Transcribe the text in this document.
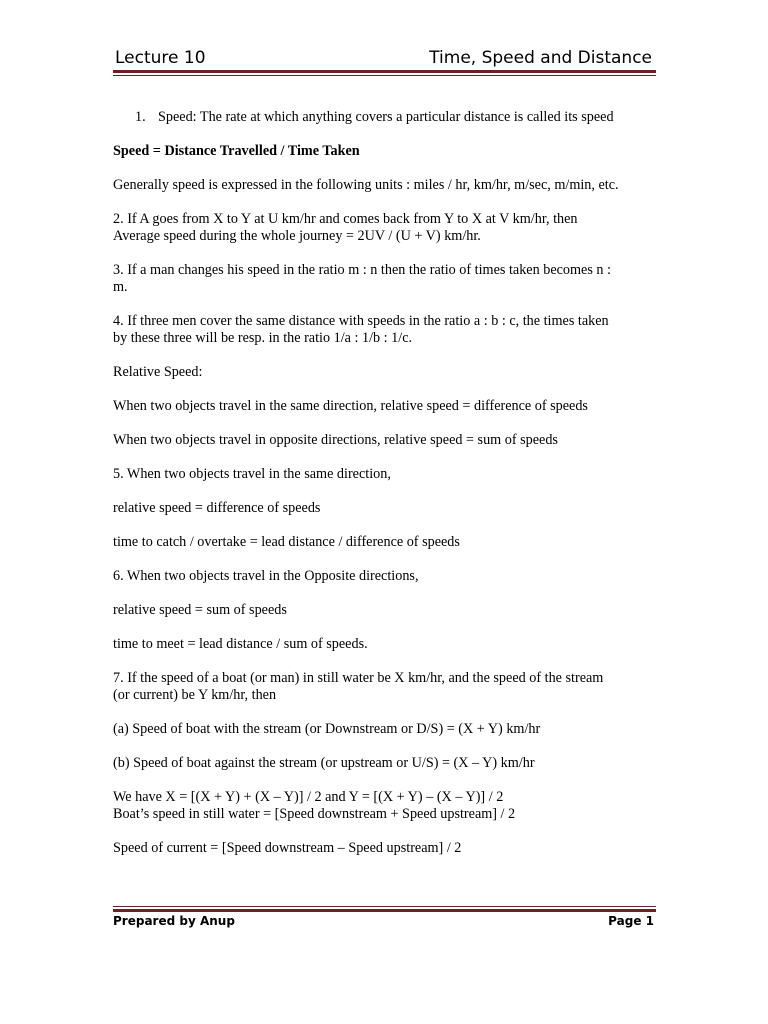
Lecture 10	Time, Speed and Distance

1. Speed: The rate at which anything covers a particular distance is called its speed

Speed = Distance Travelled / Time Taken

Generally speed is expressed in the following units : miles / hr, km/hr, m/sec, m/min, etc.

2. If A goes from X to Y at U km/hr and comes back from Y to X at V km/hr, then
Average speed during the whole journey = 2UV / (U + V) km/hr.

3. If a man changes his speed in the ratio m : n then the ratio of times taken becomes n :
m.

4. If three men cover the same distance with speeds in the ratio a : b : c, the times taken
by these three will be resp. in the ratio 1/a : 1/b : 1/c.

Relative Speed:

When two objects travel in the same direction, relative speed = difference of speeds

When two objects travel in opposite directions, relative speed = sum of speeds

5. When two objects travel in the same direction,

relative speed = difference of speeds

time to catch / overtake = lead distance / difference of speeds

6. When two objects travel in the Opposite directions,

relative speed = sum of speeds

time to meet = lead distance / sum of speeds.

7. If the speed of a boat (or man) in still water be X km/hr, and the speed of the stream
(or current) be Y km/hr, then

(a) Speed of boat with the stream (or Downstream or D/S) = (X + Y) km/hr

(b) Speed of boat against the stream (or upstream or U/S) = (X – Y) km/hr

We have X = [(X + Y) + (X – Y)] / 2 and Y = [(X + Y) – (X – Y)] / 2
Boat’s speed in still water = [Speed downstream + Speed upstream] / 2

Speed of current = [Speed downstream – Speed upstream] / 2

Prepared by Anup	Page 1
